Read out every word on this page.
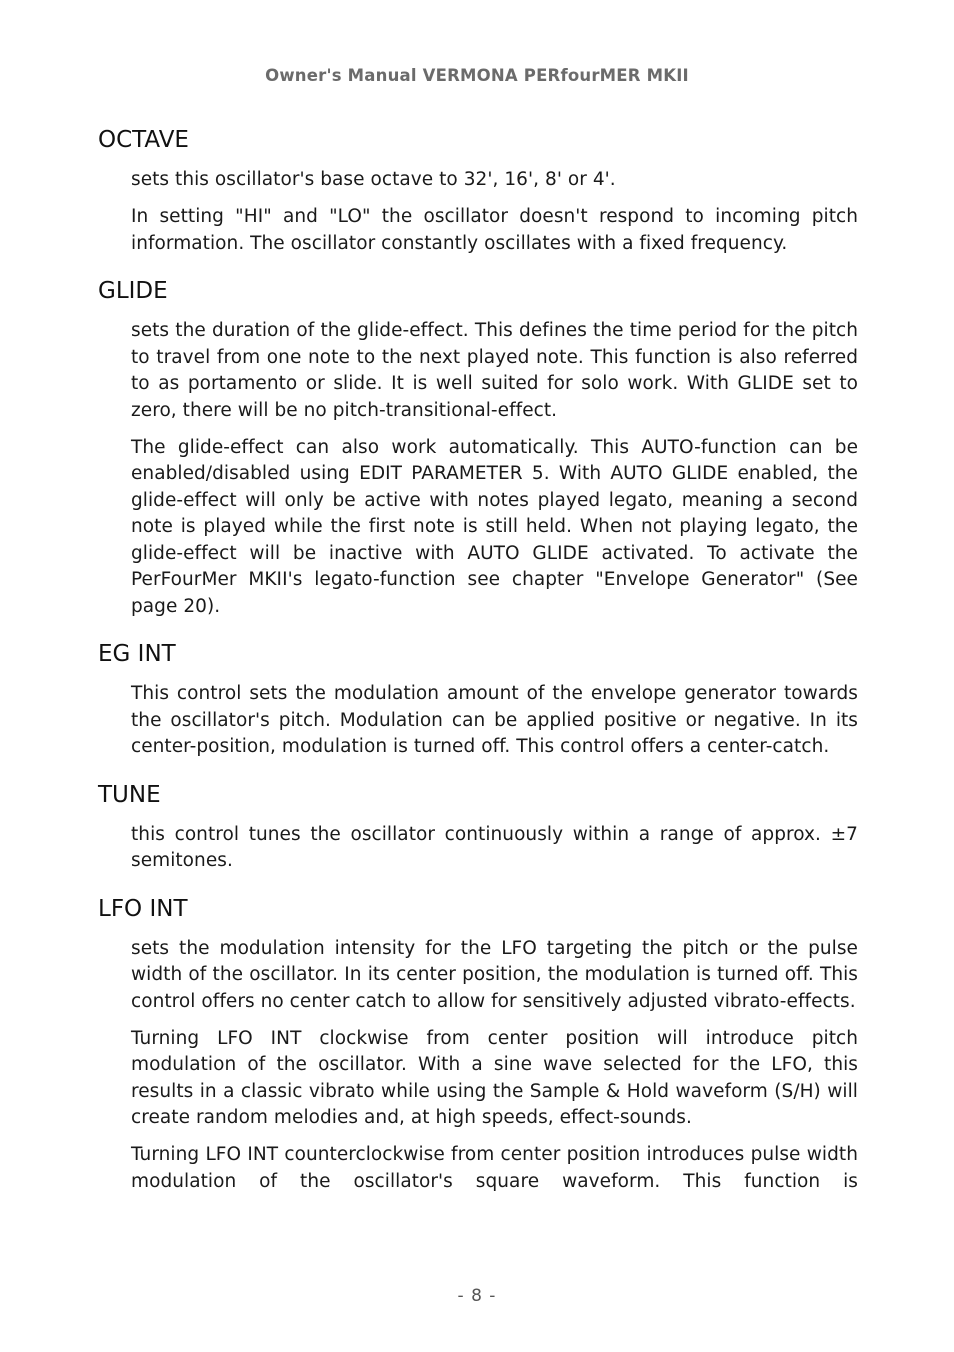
Owner's Manual VERMONA PERfourMER MKII
OCTAVE

sets this oscillator's base octave to 32', 16', 8' or 4'.

In setting "HI" and "LO" the oscillator doesn't respond to incoming pitch information. The oscillator constantly oscillates with a fixed frequency.

GLIDE

sets the duration of the glide-effect. This defines the time period for the pitch to travel from one note to the next played note. This function is also referred to as portamento or slide. It is well suited for solo work. With GLIDE set to zero, there will be no pitch-transitional-effect.

The glide-effect can also work automatically. This AUTO-function can be enabled/disabled using EDIT PARAMETER 5. With AUTO GLIDE enabled, the glide-effect will only be active with notes played legato, meaning a second note is played while the first note is still held. When not playing legato, the glide-effect will be inactive with AUTO GLIDE activated. To activate the PerFourMer MKII's legato-function see chapter "Envelope Generator" (See page 20).

EG INT

This control sets the modulation amount of the envelope generator towards the oscillator's pitch. Modulation can be applied positive or negative. In its center-position, modulation is turned off. This control offers a center-catch.

TUNE

this control tunes the oscillator continuously within a range of approx. ±7 semitones.

LFO INT

sets the modulation intensity for the LFO targeting the pitch or the pulse width of the oscillator. In its center position, the modulation is turned off. This control offers no center catch to allow for sensitively adjusted vibrato-effects.

Turning LFO INT clockwise from center position will introduce pitch modulation of the oscillator. With a sine wave selected for the LFO, this results in a classic vibrato while using the Sample & Hold waveform (S/H) will create random melodies and, at high speeds, effect-sounds.

Turning LFO INT counterclockwise from center position introduces pulse width modulation of the oscillator's square waveform. This function is

- 8 -
